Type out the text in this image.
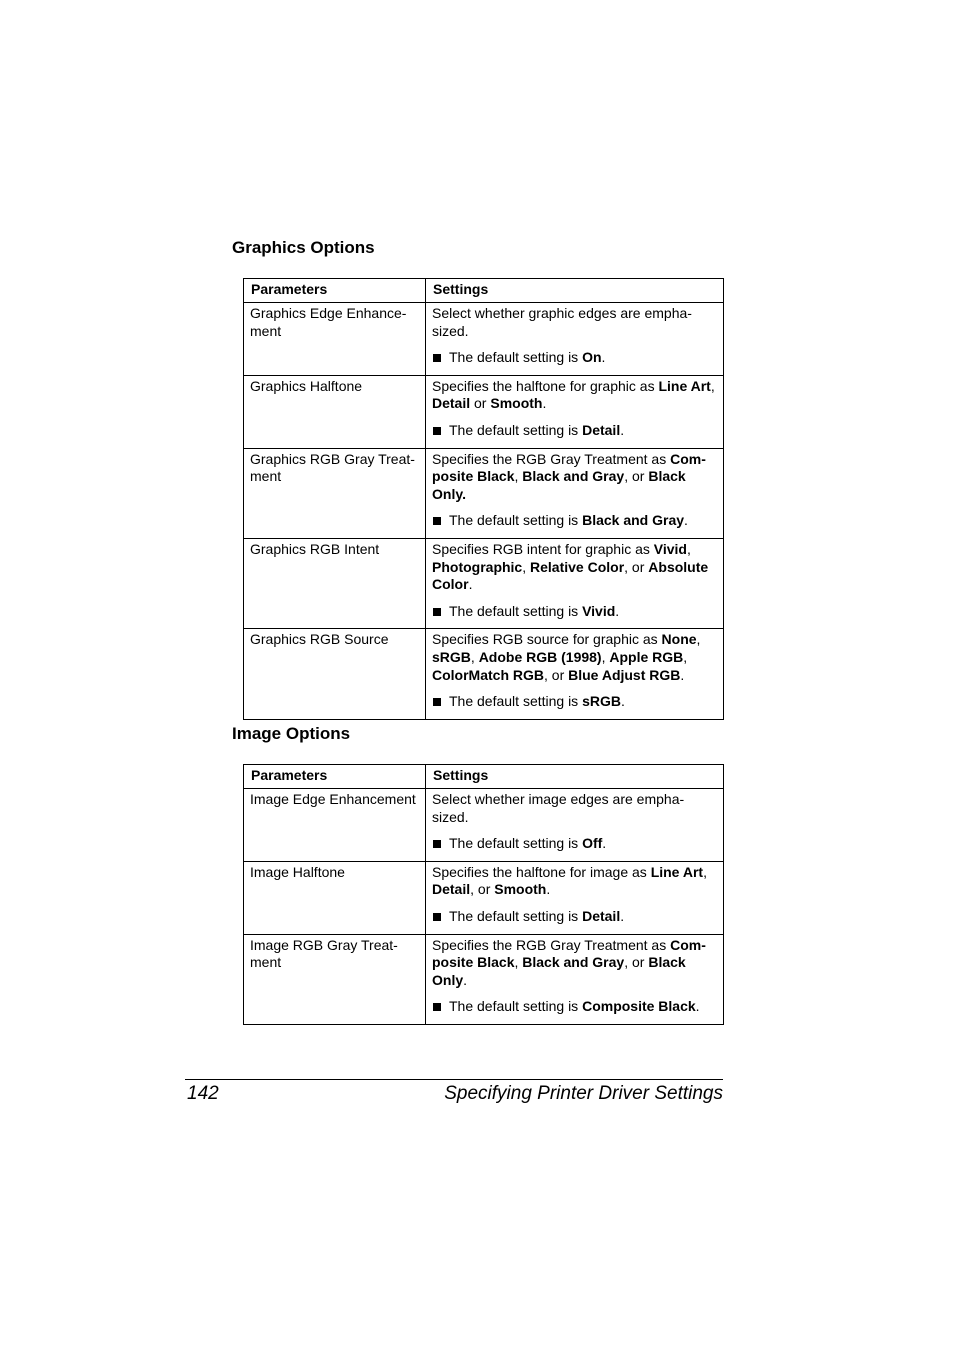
Graphics Options
Parameters	Settings
Graphics Edge Enhance-ment	Select whether graphic edges are empha-sized.
The default setting is On.

Graphics Halftone	Specifies the halftone for graphic as Line Art, Detail or Smooth.
The default setting is Detail.

Graphics RGB Gray Treat-ment	Specifies the RGB Gray Treatment as Com-posite Black, Black and Gray, or Black Only.
The default setting is Black and Gray.

Graphics RGB Intent	Specifies RGB intent for graphic as Vivid, Photographic, Relative Color, or Absolute Color.
The default setting is Vivid.

Graphics RGB Source	Specifies RGB source for graphic as None, sRGB, Adobe RGB (1998), Apple RGB, ColorMatch RGB, or Blue Adjust RGB.
The default setting is sRGB.
Image Options
Parameters	Settings
Image Edge Enhancement	Select whether image edges are empha-sized.
The default setting is Off.

Image Halftone	Specifies the halftone for image as Line Art, Detail, or Smooth.
The default setting is Detail.

Image RGB Gray Treat-ment	Specifies the RGB Gray Treatment as Com-posite Black, Black and Gray, or Black Only.
The default setting is Composite Black.
142	Specifying Printer Driver Settings
